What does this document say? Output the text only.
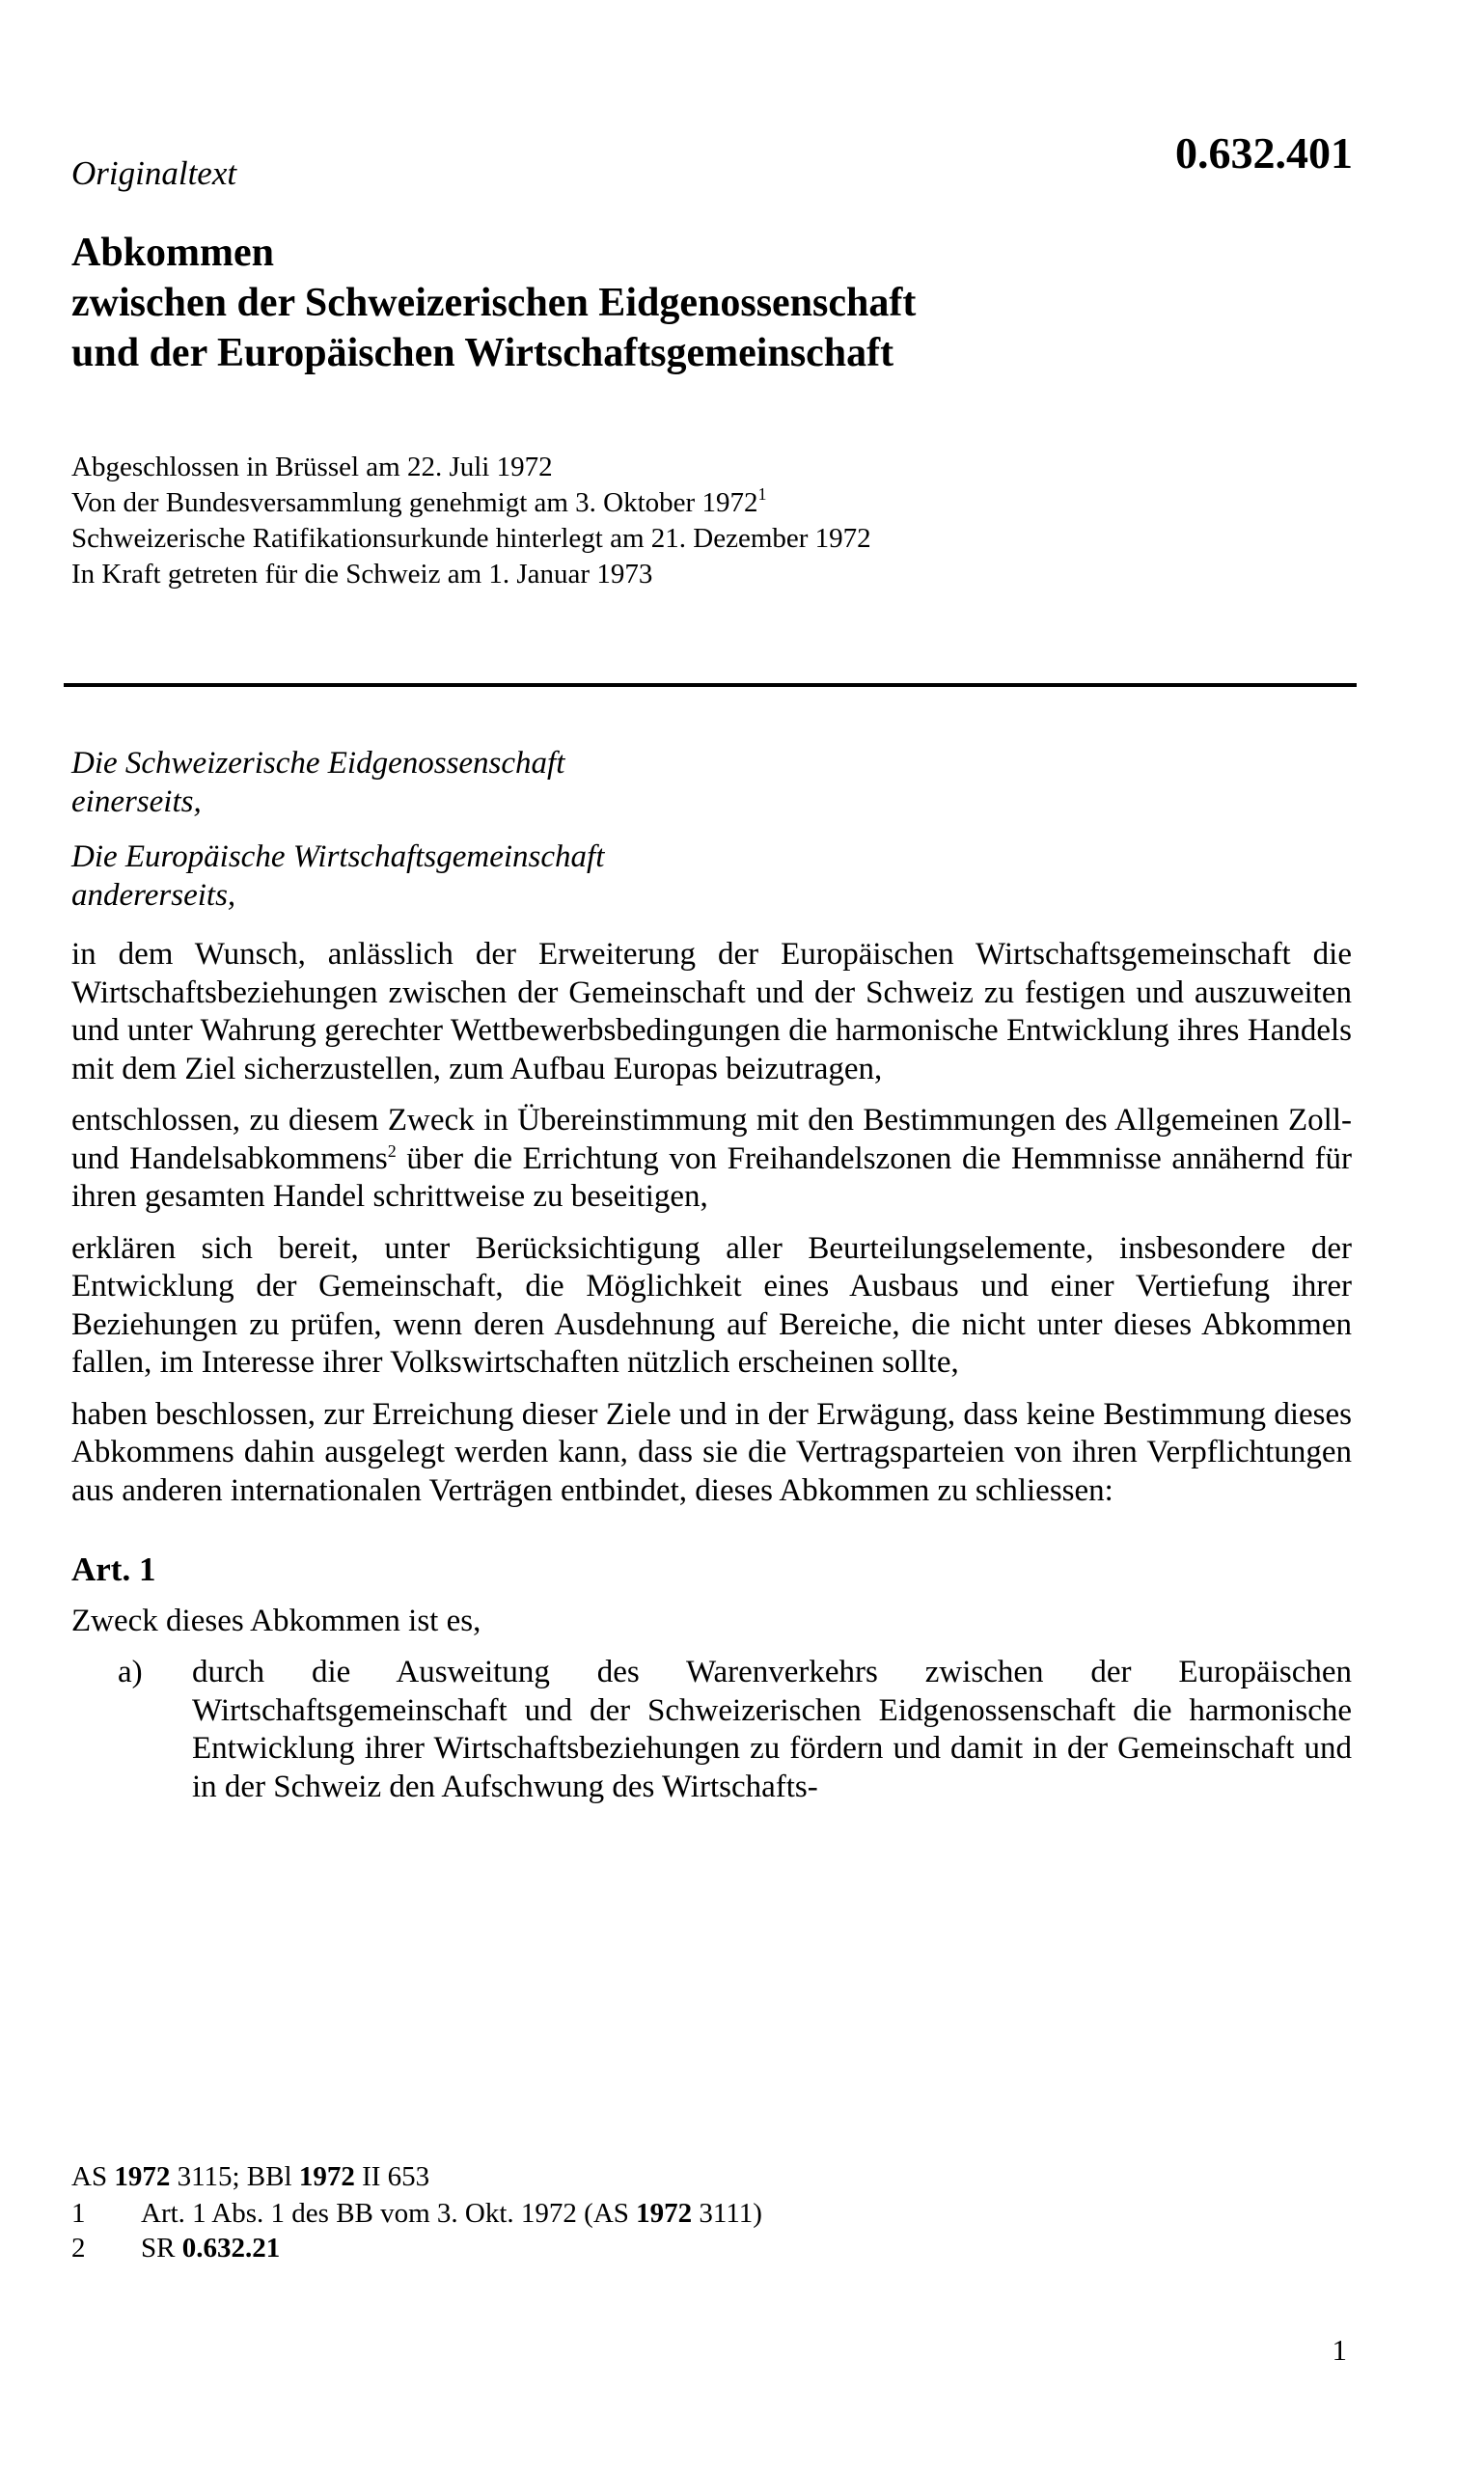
Originaltext	0.632.401

Abkommen
zwischen der Schweizerischen Eidgenossenschaft
und der Europäischen Wirtschaftsgemeinschaft
Abgeschlossen in Brüssel am 22. Juli 1972
Von der Bundesversammlung genehmigt am 3. Oktober 1972$^1$
Schweizerische Ratifikationsurkunde hinterlegt am 21. Dezember 1972
In Kraft getreten für die Schweiz am 1. Januar 1973
Die Schweizerische Eidgenossenschaft
einerseits,
Die Europäische Wirtschaftsgemeinschaft
andererseits,

in dem Wunsch, anlässlich der Erweiterung der Europäischen Wirtschaftsgemeinschaft die Wirtschaftsbeziehungen zwischen der Gemeinschaft und der Schweiz zu festigen und auszuweiten und unter Wahrung gerechter Wettbewerbsbedingungen die harmonische Entwicklung ihres Handels mit dem Ziel sicherzustellen, zum Aufbau Europas beizutragen,

entschlossen, zu diesem Zweck in Übereinstimmung mit den Bestimmungen des Allgemeinen Zoll- und Handelsabkommens$^2$ über die Errichtung von Freihandelszonen die Hemmnisse annähernd für ihren gesamten Handel schrittweise zu beseitigen,

erklären sich bereit, unter Berücksichtigung aller Beurteilungselemente, insbesondere der Entwicklung der Gemeinschaft, die Möglichkeit eines Ausbaus und einer Vertiefung ihrer Beziehungen zu prüfen, wenn deren Ausdehnung auf Bereiche, die nicht unter dieses Abkommen fallen, im Interesse ihrer Volkswirtschaften nützlich erscheinen sollte,

haben beschlossen, zur Erreichung dieser Ziele und in der Erwägung, dass keine Bestimmung dieses Abkommens dahin ausgelegt werden kann, dass sie die Vertragsparteien von ihren Verpflichtungen aus anderen internationalen Verträgen entbindet, dieses Abkommen zu schliessen:

Art. 1

Zweck dieses Abkommen ist es,

a)	durch die Ausweitung des Warenverkehrs zwischen der Europäischen Wirtschaftsgemeinschaft und der Schweizerischen Eidgenossenschaft die harmonische Entwicklung ihrer Wirtschaftsbeziehungen zu fördern und damit in der Gemeinschaft und in der Schweiz den Aufschwung des Wirtschafts-
AS 1972 3115; BBl 1972 II 653
1	Art. 1 Abs. 1 des BB vom 3. Okt. 1972 (AS 1972 3111)
2	SR 0.632.21
1
